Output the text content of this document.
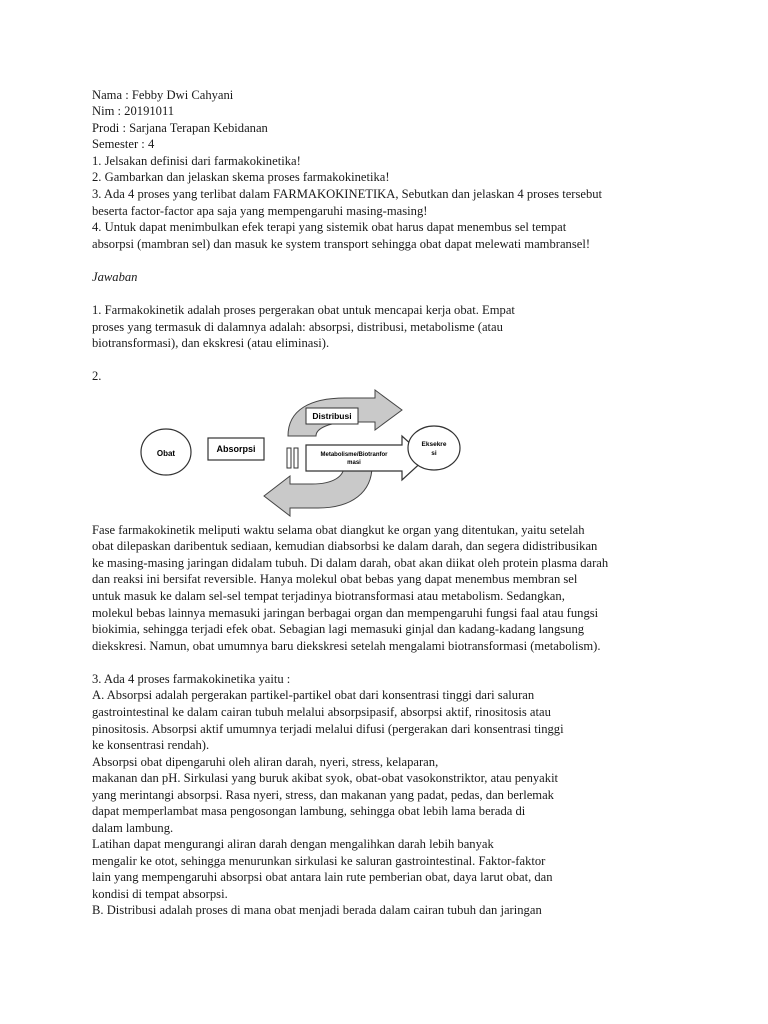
Nama : Febby Dwi Cahyani
Nim : 20191011
Prodi : Sarjana Terapan Kebidanan
Semester : 4
1. Jelsakan definisi dari farmakokinetika!
2. Gambarkan dan jelaskan skema proses farmakokinetika!
3. Ada 4 proses yang terlibat dalam FARMAKOKINETIKA, Sebutkan dan jelaskan 4 proses tersebut
beserta factor-factor apa saja yang mempengaruhi masing-masing!
4. Untuk dapat menimbulkan efek terapi yang sistemik obat harus dapat menembus sel tempat
absorpsi (mambran sel) dan masuk ke system transport sehingga obat dapat melewati mambransel!
Jawaban
1. Farmakokinetik adalah proses pergerakan obat untuk mencapai kerja obat. Empat
proses yang termasuk di dalamnya adalah: absorpsi, distribusi, metabolisme (atau
biotransformasi), dan ekskresi (atau eliminasi).
2.
Obat	Absorpsi
Distribusi
Metabolisme/Biotranfor
masi
Eksekre
si
Fase farmakokinetik meliputi waktu selama obat diangkut ke organ yang ditentukan, yaitu setelah
obat dilepaskan daribentuk sediaan, kemudian diabsorbsi ke dalam darah, dan segera didistribusikan
ke masing-masing jaringan didalam tubuh. Di dalam darah, obat akan diikat oleh protein plasma darah
dan reaksi ini bersifat reversible. Hanya molekul obat bebas yang dapat menembus membran sel
untuk masuk ke dalam sel-sel tempat terjadinya biotransformasi atau metabolism. Sedangkan,
molekul bebas lainnya memasuki jaringan berbagai organ dan mempengaruhi fungsi faal atau fungsi
biokimia, sehingga terjadi efek obat. Sebagian lagi memasuki ginjal dan kadang-kadang langsung
diekskresi. Namun, obat umumnya baru diekskresi setelah mengalami biotransformasi (metabolism).
3. Ada 4 proses farmakokinetika yaitu :
A. Absorpsi adalah pergerakan partikel-partikel obat dari konsentrasi tinggi dari saluran
gastrointestinal ke dalam cairan tubuh melalui absorpsipasif, absorpsi aktif, rinositosis atau
pinositosis. Absorpsi aktif umumnya terjadi melalui difusi (pergerakan dari konsentrasi tinggi
ke konsentrasi rendah).
Absorpsi obat dipengaruhi oleh aliran darah, nyeri, stress, kelaparan,
makanan dan pH. Sirkulasi yang buruk akibat syok, obat-obat vasokonstriktor, atau penyakit
yang merintangi absorpsi. Rasa nyeri, stress, dan makanan yang padat, pedas, dan berlemak
dapat memperlambat masa pengosongan lambung, sehingga obat lebih lama berada di
dalam lambung.
Latihan dapat mengurangi aliran darah dengan mengalihkan darah lebih banyak
mengalir ke otot, sehingga menurunkan sirkulasi ke saluran gastrointestinal. Faktor-faktor
lain yang mempengaruhi absorpsi obat antara lain rute pemberian obat, daya larut obat, dan
kondisi di tempat absorpsi.
B. Distribusi adalah proses di mana obat menjadi berada dalam cairan tubuh dan jaringan
